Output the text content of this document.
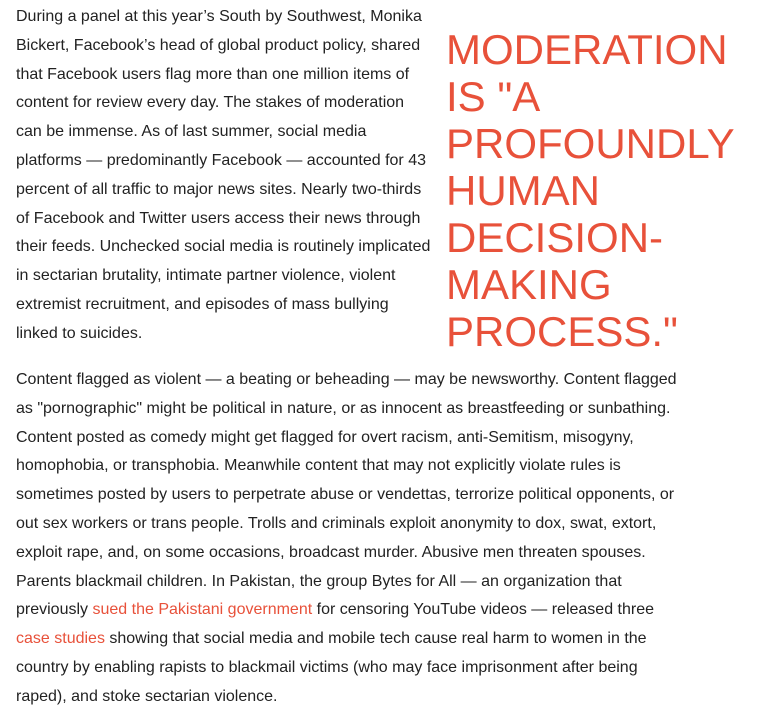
During a panel at this year’s South by Southwest, Monika Bickert, Facebook’s head of global product policy, shared that Facebook users flag more than one million items of content for review every day. The stakes of moderation can be immense. As of last summer, social media platforms — predominantly Facebook — accounted for 43 percent of all traffic to major news sites. Nearly two-thirds of Facebook and Twitter users access their news through their feeds. Unchecked social media is routinely implicated in sectarian brutality, intimate partner violence, violent extremist recruitment, and episodes of mass bullying linked to suicides.

MODERATION IS "A PROFOUNDLY HUMAN DECISION-MAKING PROCESS."

Content flagged as violent — a beating or beheading — may be newsworthy. Content flagged as "pornographic" might be political in nature, or as innocent as breastfeeding or sunbathing. Content posted as comedy might get flagged for overt racism, anti-Semitism, misogyny, homophobia, or transphobia. Meanwhile content that may not explicitly violate rules is sometimes posted by users to perpetrate abuse or vendettas, terrorize political opponents, or out sex workers or trans people. Trolls and criminals exploit anonymity to dox, swat, extort, exploit rape, and, on some occasions, broadcast murder. Abusive men threaten spouses. Parents blackmail children. In Pakistan, the group Bytes for All — an organization that previously sued the Pakistani government for censoring YouTube videos — released three case studies showing that social media and mobile tech cause real harm to women in the country by enabling rapists to blackmail victims (who may face imprisonment after being raped), and stoke sectarian violence.
